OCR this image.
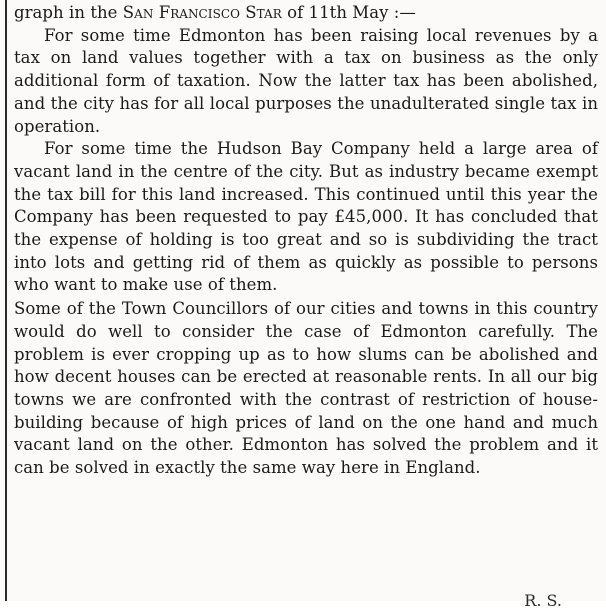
graph in the San Francisco Star of 11th May :—

For some time Edmonton has been raising local revenues by a tax on land values together with a tax on business as the only additional form of taxation. Now the latter tax has been abolished, and the city has for all local purposes the unadulterated single tax in operation.

For some time the Hudson Bay Company held a large area of vacant land in the centre of the city. But as industry became exempt the tax bill for this land increased. This continued until this year the Company has been requested to pay £45,000. It has concluded that the expense of holding is too great and so is subdividing the tract into lots and getting rid of them as quickly as possible to persons who want to make use of them.

Some of the Town Councillors of our cities and towns in this country would do well to consider the case of Edmonton carefully. The problem is ever cropping up as to how slums can be abolished and how decent houses can be erected at reasonable rents. In all our big towns we are confronted with the contrast of restriction of house-building because of high prices of land on the one hand and much vacant land on the other. Edmonton has solved the problem and it can be solved in exactly the same way here in England.

R. S.
